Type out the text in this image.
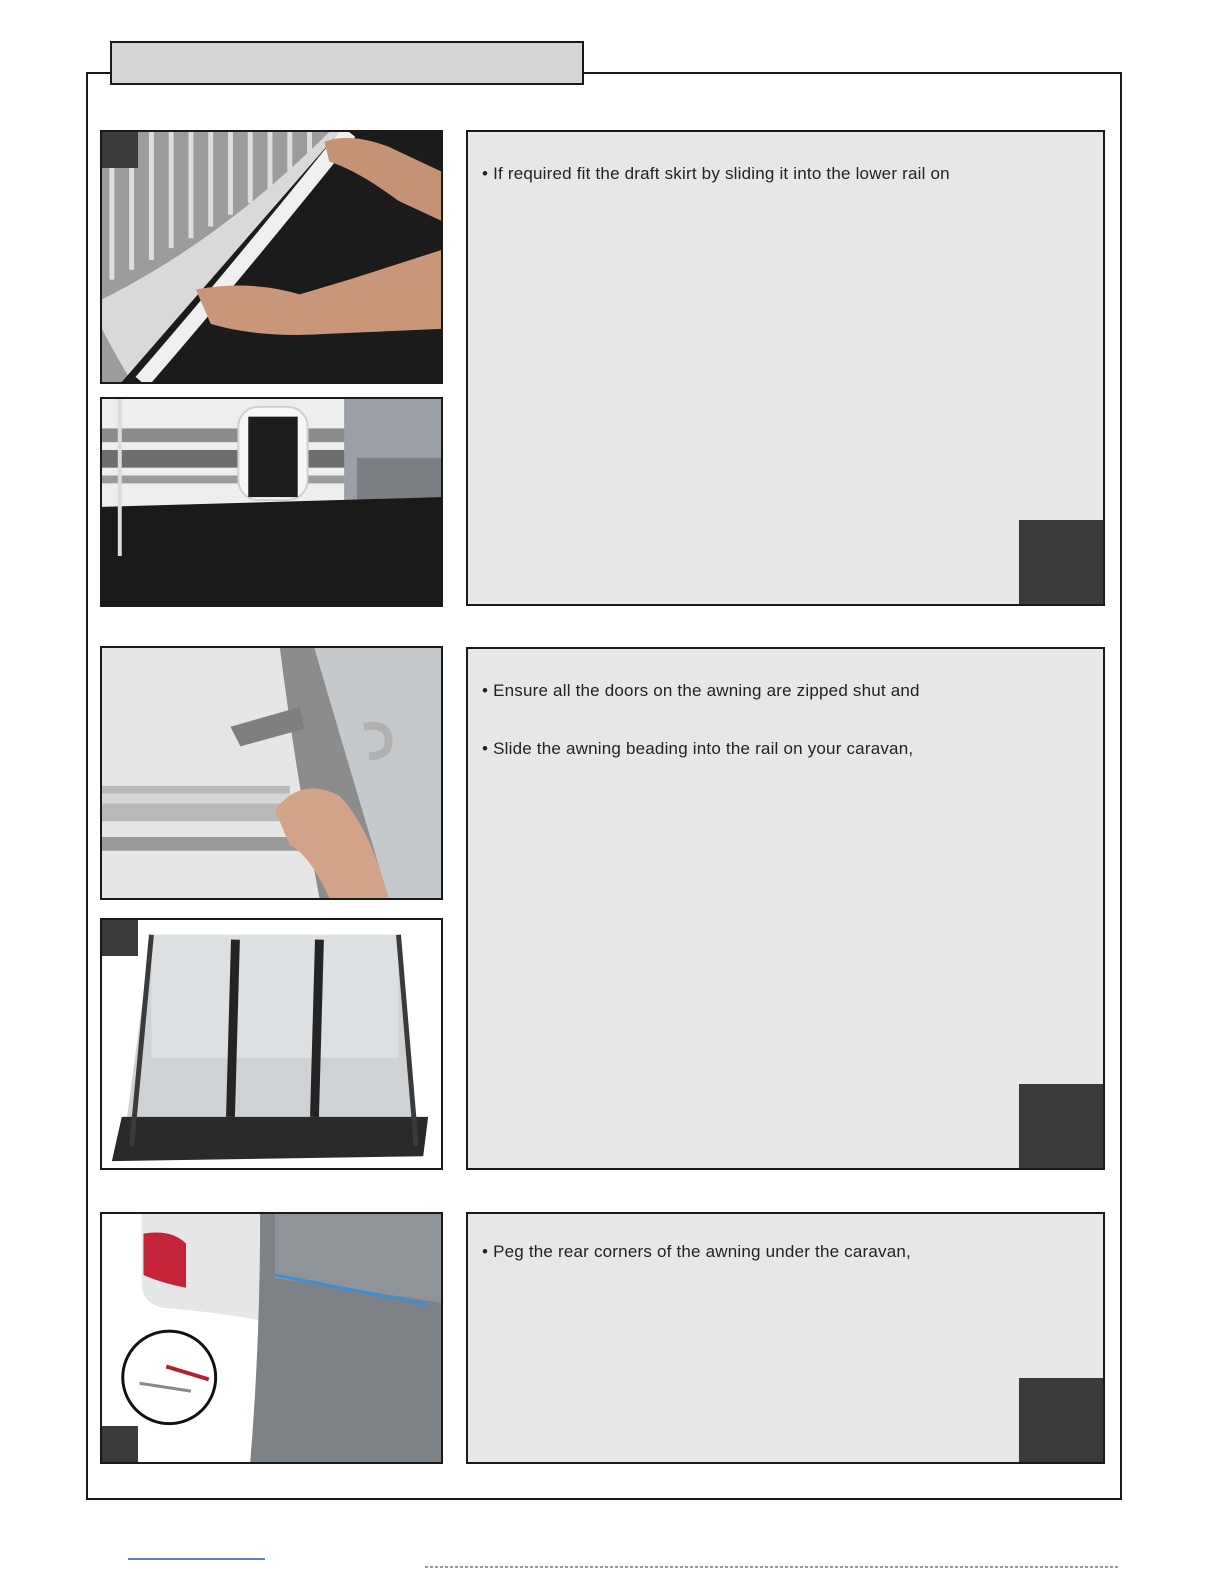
• If required fit the draft skirt by sliding it into the lower rail on
• Ensure all the doors on the awning are zipped shut and
• Slide the awning beading into the rail on your caravan,
• Peg the rear corners of the awning under the caravan,
